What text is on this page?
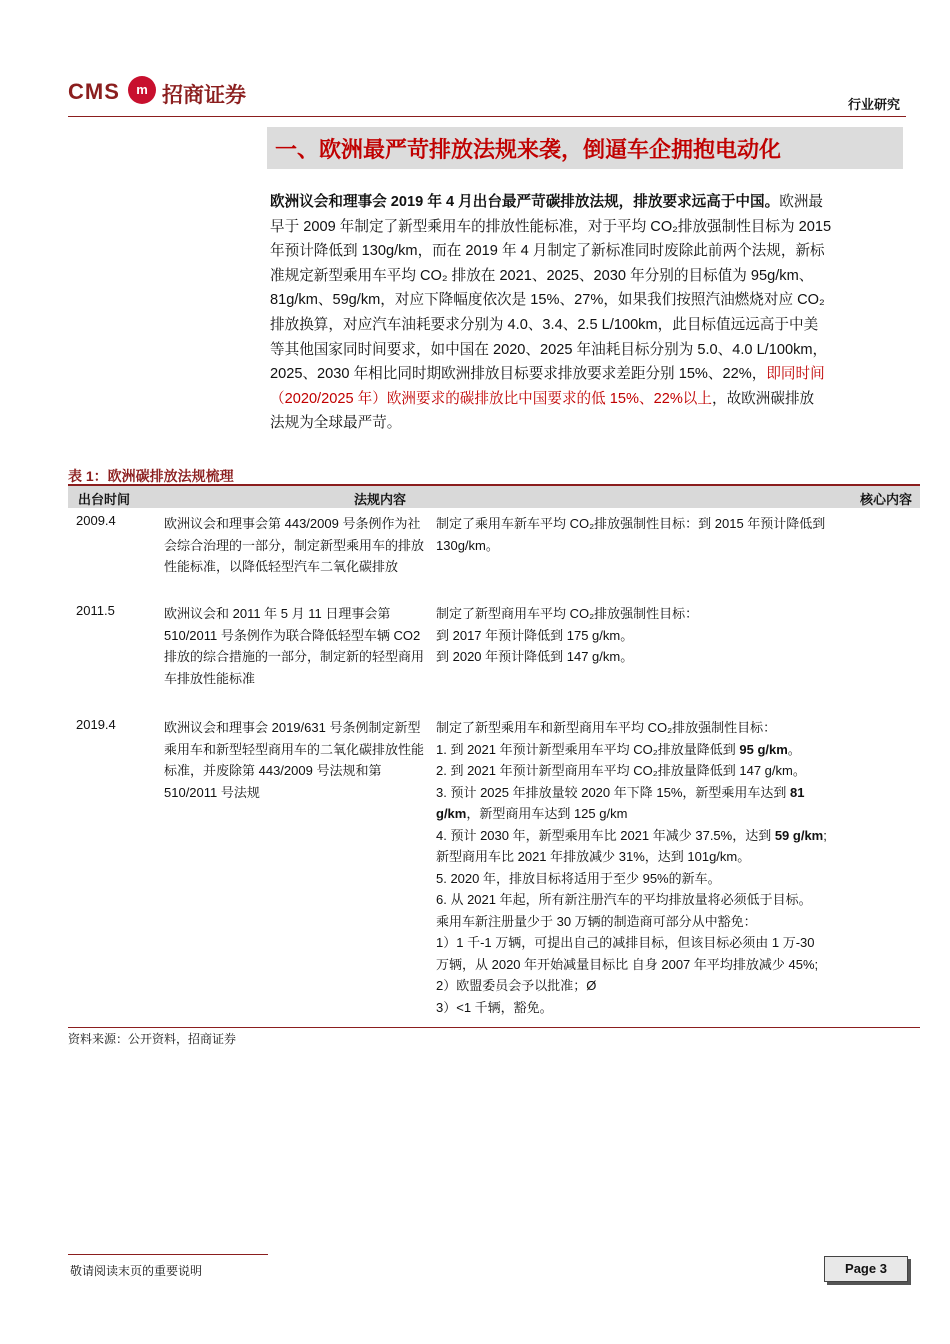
CMS	m 招商证券	行业研究
一、欧洲最严苛排放法规来袭，倒逼车企拥抱电动化
欧洲议会和理事会 2019 年 4 月出台最严苛碳排放法规，排放要求远高于中国。欧洲最
早于 2009 年制定了新型乘用车的排放性能标准，对于平均 CO₂排放强制性目标为 2015
年预计降低到 130g/km，而在 2019 年 4 月制定了新标准同时废除此前两个法规，新标
准规定新型乘用车平均 CO₂ 排放在 2021、2025、2030 年分别的目标值为 95g/km、
81g/km、59g/km，对应下降幅度依次是 15%、27%，如果我们按照汽油燃烧对应 CO₂
排放换算，对应汽车油耗要求分别为 4.0、3.4、2.5 L/100km，此目标值远远高于中美
等其他国家同时间要求，如中国在 2020、2025 年油耗目标分别为 5.0、4.0 L/100km，
2025、2030 年相比同时期欧洲排放目标要求排放要求差距分别 15%、22%，即同时间
（2020/2025 年）欧洲要求的碳排放比中国要求的低 15%、22%以上，故欧洲碳排放
法规为全球最严苛。
表 1：欧洲碳排放法规梳理
出台时间	法规内容	核心内容
2009.4	欧洲议会和理事会第 443/2009 号条例作为社会综合治理的一部分，制定新型乘用车的排放性能标准，以降低轻型汽车二氧化碳排放
制定了乘用车新车平均 CO₂排放强制性目标：到 2015 年预计降低到
130g/km。
2011.5	欧洲议会和 2011 年 5 月 11 日理事会第 510/2011 号条例作为联合降低轻型车辆 CO2 排放的综合措施的一部分，制定新的轻型商用车排放性能标准
制定了新型商用车平均 CO₂排放强制性目标：
到 2017 年预计降低到 175 g/km。
到 2020 年预计降低到 147 g/km。
2019.4	欧洲议会和理事会 2019/631 号条例制定新型乘用车和新型轻型商用车的二氧化碳排放性能标准，并废除第 443/2009 号法规和第 510/2011 号法规
制定了新型乘用车和新型商用车平均 CO₂排放强制性目标：
1. 到 2021 年预计新型乘用车平均 CO₂排放量降低到 95 g/km。
2. 到 2021 年预计新型商用车平均 CO₂排放量降低到 147 g/km。
3. 预计 2025 年排放量较 2020 年下降 15%，新型乘用车达到 81
g/km，新型商用车达到 125 g/km
4. 预计 2030 年，新型乘用车比 2021 年减少 37.5%，达到 59 g/km;
新型商用车比 2021 年排放减少 31%，达到 101g/km。
5. 2020 年，排放目标将适用于至少 95%的新车。
6. 从 2021 年起，所有新注册汽车的平均排放量将必须低于目标。
乘用车新注册量少于 30 万辆的制造商可部分从中豁免：
1）1 千-1 万辆，可提出自己的减排目标，但该目标必须由 1 万-30
万辆，从 2020 年开始减量目标比 自身 2007 年平均排放减少 45%;
2）欧盟委员会予以批准；Ø
3）<1 千辆，豁免。
资料来源：公开资料，招商证券
敬请阅读末页的重要说明	Page 3
